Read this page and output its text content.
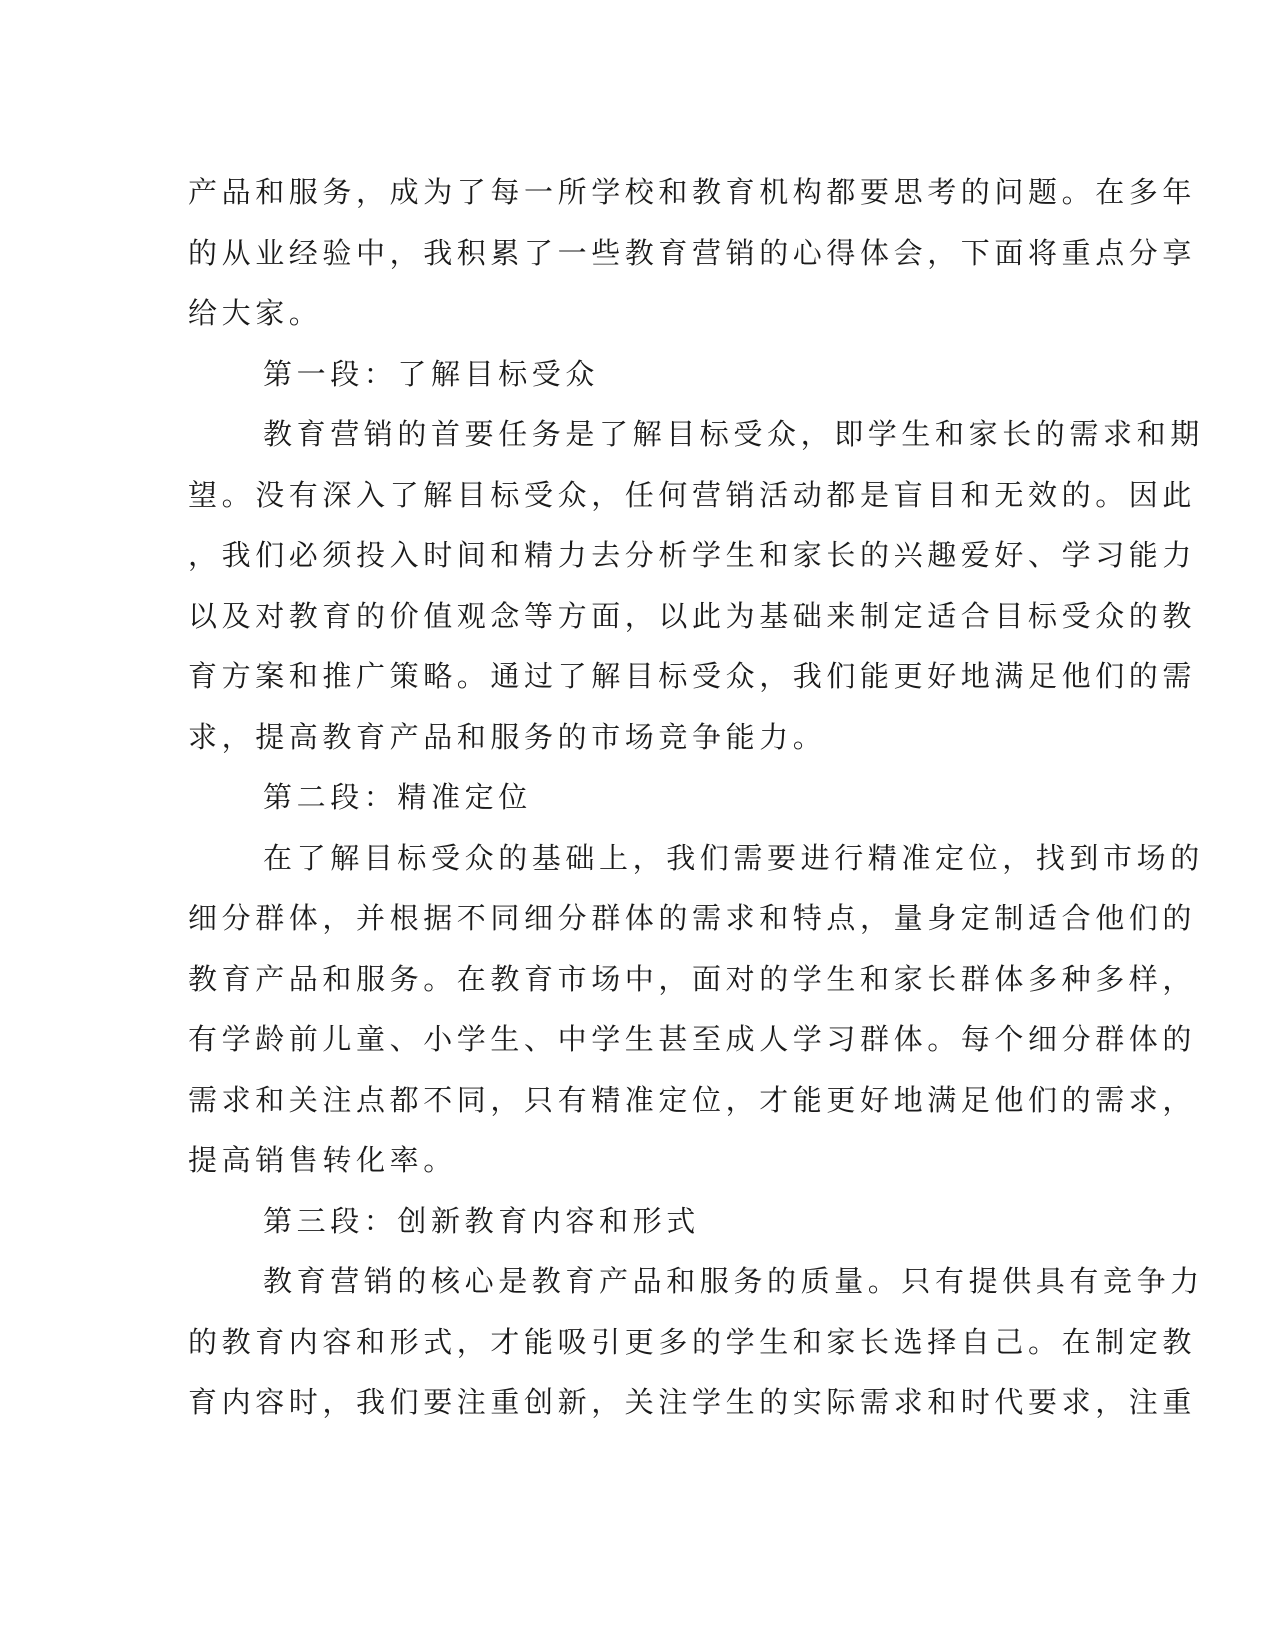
产品和服务，成为了每一所学校和教育机构都要思考的问题。在多年
的从业经验中，我积累了一些教育营销的心得体会，下面将重点分享
给大家。
第一段：了解目标受众
教育营销的首要任务是了解目标受众，即学生和家长的需求和期
望。没有深入了解目标受众，任何营销活动都是盲目和无效的。因此
，我们必须投入时间和精力去分析学生和家长的兴趣爱好、学习能力
以及对教育的价值观念等方面，以此为基础来制定适合目标受众的教
育方案和推广策略。通过了解目标受众，我们能更好地满足他们的需
求，提高教育产品和服务的市场竞争能力。
第二段：精准定位
在了解目标受众的基础上，我们需要进行精准定位，找到市场的
细分群体，并根据不同细分群体的需求和特点，量身定制适合他们的
教育产品和服务。在教育市场中，面对的学生和家长群体多种多样，
有学龄前儿童、小学生、中学生甚至成人学习群体。每个细分群体的
需求和关注点都不同，只有精准定位，才能更好地满足他们的需求，
提高销售转化率。
第三段：创新教育内容和形式
教育营销的核心是教育产品和服务的质量。只有提供具有竞争力
的教育内容和形式，才能吸引更多的学生和家长选择自己。在制定教
育内容时，我们要注重创新，关注学生的实际需求和时代要求，注重
